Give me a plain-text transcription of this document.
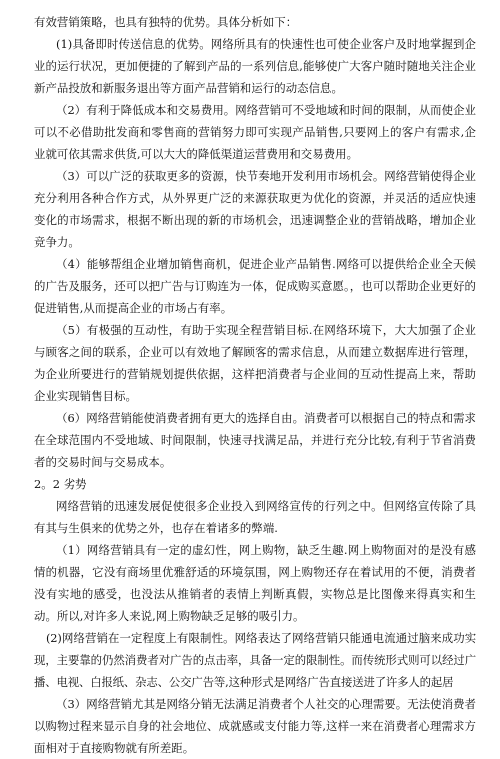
有效营销策略，也具有独特的优势。具体分析如下：

(1)具备即时传送信息的优势。网络所具有的快速性也可使企业客户及时地掌握到企业的运行状况，更加便捷的了解到产品的一系列信息,能够使广大客户随时随地关注企业新产品投放和新服务退出等方面产品营销和运行的动态信息。

（2）有利于降低成本和交易费用。网络营销可不受地域和时间的限制，从而使企业可以不必借助批发商和零售商的营销努力即可实现产品销售,只要网上的客户有需求,企业就可依其需求供货,可以大大的降低渠道运营费用和交易费用。

（3）可以广泛的获取更多的资源，快节奏地开发利用市场机会。网络营销使得企业充分利用各种合作方式，从外界更广泛的来源获取更为优化的资源，并灵活的适应快速变化的市场需求，根据不断出现的新的市场机会，迅速调整企业的营销战略，增加企业竞争力。

（4）能够帮组企业增加销售商机，促进企业产品销售.网络可以提供给企业全天候的广告及服务，还可以把广告与订购连为一体，促成购买意愿。，也可以帮助企业更好的促进销售,从而提高企业的市场占有率。

（5）有极强的互动性，有助于实现全程营销目标.在网络环境下，大大加强了企业与顾客之间的联系，企业可以有效地了解顾客的需求信息，从而建立数据库进行管理，为企业所要进行的营销规划提供依据，这样把消费者与企业间的互动性提高上来，帮助企业实现销售目标。

（6）网络营销能使消费者拥有更大的选择自由。消费者可以根据自己的特点和需求在全球范围内不受地域、时间限制，快速寻找满足品，并进行充分比较,有利于节省消费者的交易时间与交易成本。

2。2 劣势

网络营销的迅速发展促使很多企业投入到网络宣传的行列之中。但网络宣传除了具有其与生俱来的优势之外，也存在着诸多的弊端.

（1）网络营销具有一定的虚幻性，网上购物，缺乏生趣.网上购物面对的是没有感情的机器，它没有商场里优雅舒适的环境氛围，网上购物还存在着试用的不便，消费者没有实地的感受，也没法从推销者的表情上判断真假，实物总是比图像来得真实和生动。所以,对许多人来说,网上购物缺乏足够的吸引力。

(2)网络营销在一定程度上有限制性。网络表达了网络营销只能通电流通过脑来成功实现，主要靠的仍然消费者对广告的点击率，具备一定的限制性。而传统形式则可以经过广播、电视、白报纸、杂志、公交广告等,这种形式是网络广告直接送进了许多人的起居

（3）网络营销尤其是网络分销无法满足消费者个人社交的心理需要。无法使消费者以购物过程来显示自身的社会地位、成就感或支付能力等,这样一来在消费者心理需求方面相对于直接购物就有所差距。
